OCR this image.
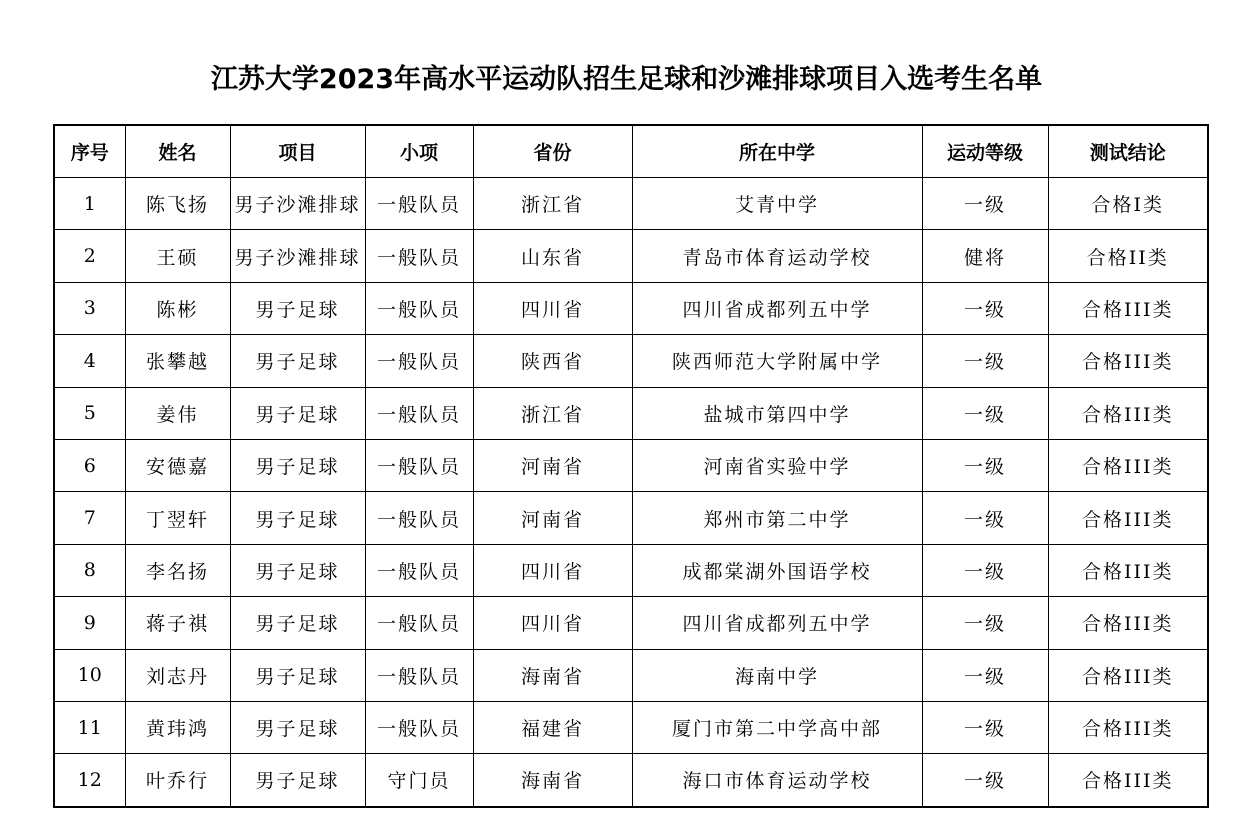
江苏大学2023年高水平运动队招生足球和沙滩排球项目入选考生名单
序号	姓名	项目	小项	省份	所在中学	运动等级	测试结论
1	陈飞扬	男子沙滩排球	一般队员	浙江省	艾青中学	一级	合格I类
2	王硕	男子沙滩排球	一般队员	山东省	青岛市体育运动学校	健将	合格II类
3	陈彬	男子足球	一般队员	四川省	四川省成都列五中学	一级	合格III类
4	张攀越	男子足球	一般队员	陕西省	陕西师范大学附属中学	一级	合格III类
5	姜伟	男子足球	一般队员	浙江省	盐城市第四中学	一级	合格III类
6	安德嘉	男子足球	一般队员	河南省	河南省实验中学	一级	合格III类
7	丁翌轩	男子足球	一般队员	河南省	郑州市第二中学	一级	合格III类
8	李名扬	男子足球	一般队员	四川省	成都棠湖外国语学校	一级	合格III类
9	蒋子祺	男子足球	一般队员	四川省	四川省成都列五中学	一级	合格III类
10	刘志丹	男子足球	一般队员	海南省	海南中学	一级	合格III类
11	黄玮鸿	男子足球	一般队员	福建省	厦门市第二中学高中部	一级	合格III类
12	叶乔行	男子足球	守门员	海南省	海口市体育运动学校	一级	合格III类
